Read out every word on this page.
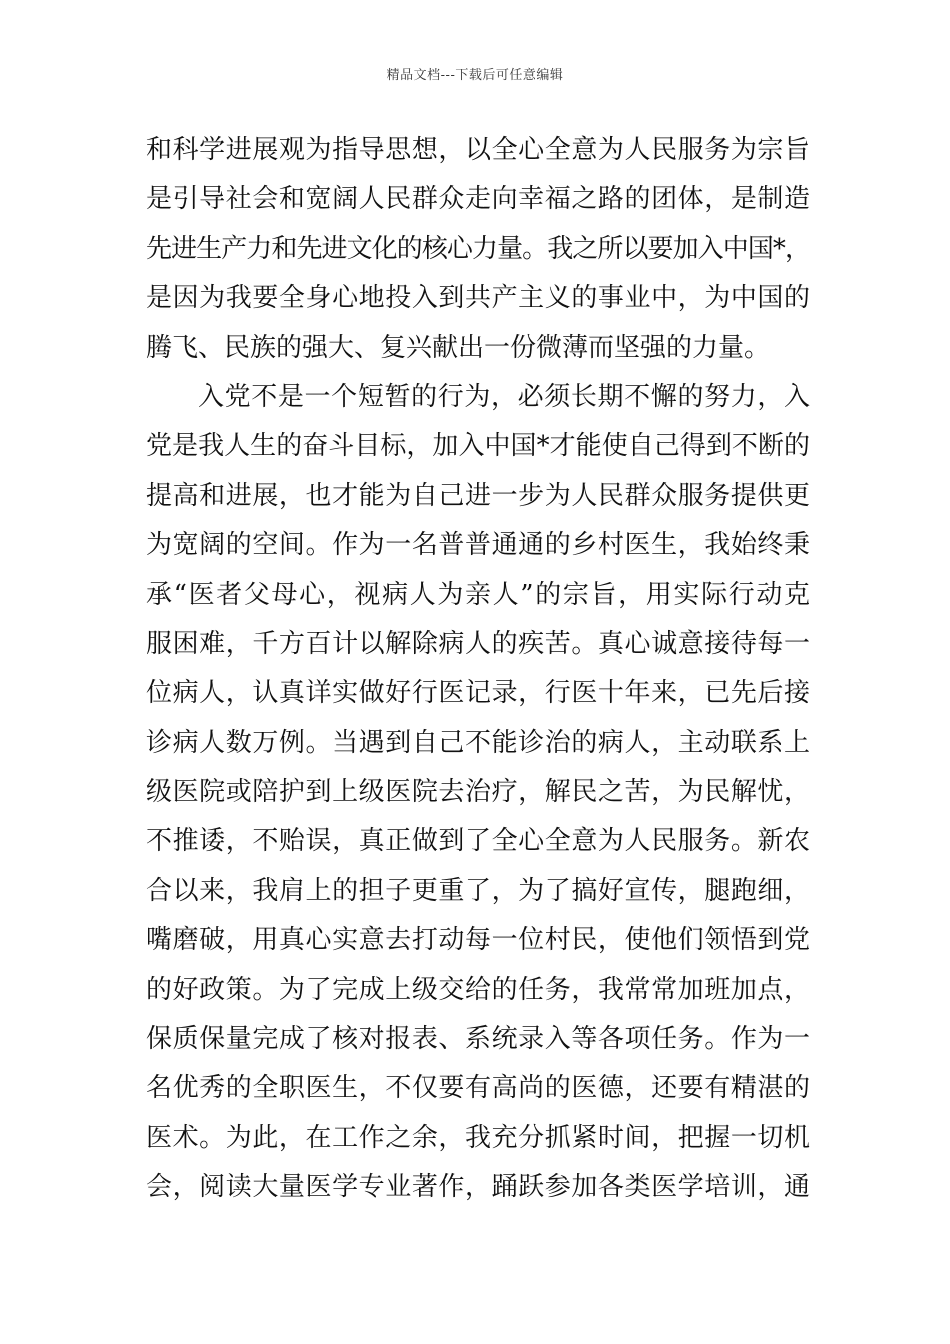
精品文档---下载后可任意编辑
和科学进展观为指导思想，以全心全意为人民服务为宗旨
是引导社会和宽阔人民群众走向幸福之路的团体，是制造
先进生产力和先进文化的核心力量。我之所以要加入中国*，
是因为我要全身心地投入到共产主义的事业中，为中国的
腾飞、民族的强大、复兴献出一份微薄而坚强的力量。
入党不是一个短暂的行为，必须长期不懈的努力，入
党是我人生的奋斗目标，加入中国*才能使自己得到不断的
提高和进展，也才能为自己进一步为人民群众服务提供更
为宽阔的空间。作为一名普普通通的乡村医生，我始终秉
承“医者父母心，视病人为亲人”的宗旨，用实际行动克
服困难，千方百计以解除病人的疾苦。真心诚意接待每一
位病人，认真详实做好行医记录，行医十年来，已先后接
诊病人数万例。当遇到自己不能诊治的病人，主动联系上
级医院或陪护到上级医院去治疗，解民之苦，为民解忧，
不推诿，不贻误，真正做到了全心全意为人民服务。新农
合以来，我肩上的担子更重了，为了搞好宣传，腿跑细，
嘴磨破，用真心实意去打动每一位村民，使他们领悟到党
的好政策。为了完成上级交给的任务，我常常加班加点，
保质保量完成了核对报表、系统录入等各项任务。作为一
名优秀的全职医生，不仅要有高尚的医德，还要有精湛的
医术。为此，在工作之余，我充分抓紧时间，把握一切机
会，阅读大量医学专业著作，踊跃参加各类医学培训，通
